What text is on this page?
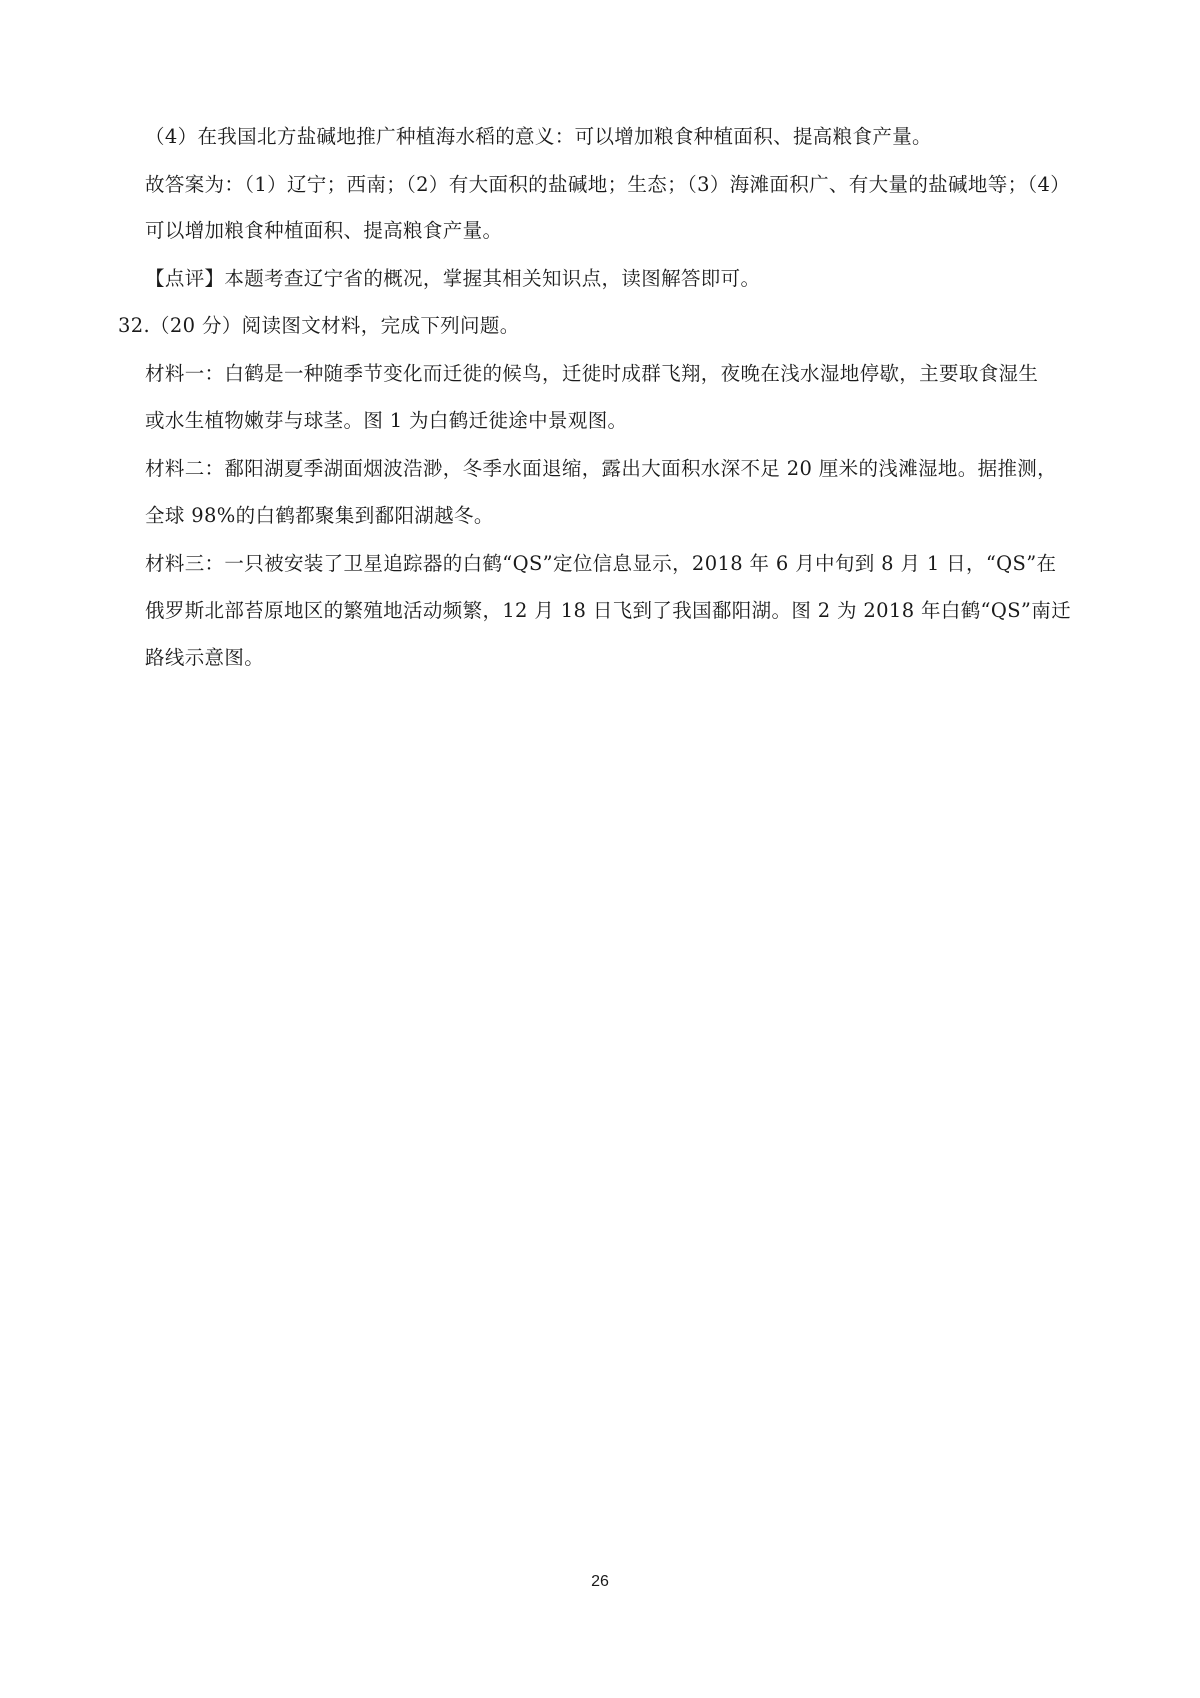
（4）在我国北方盐碱地推广种植海水稻的意义：可以增加粮食种植面积、提高粮食产量。
故答案为：（1）辽宁；西南；（2）有大面积的盐碱地；生态；（3）海滩面积广、有大量的盐碱地等；（4）
可以增加粮食种植面积、提高粮食产量。
【点评】本题考查辽宁省的概况，掌握其相关知识点，读图解答即可。
32.（20 分）阅读图文材料，完成下列问题。
材料一：白鹤是一种随季节变化而迁徙的候鸟，迁徙时成群飞翔，夜晚在浅水湿地停歇，主要取食湿生
或水生植物嫩芽与球茎。图 1 为白鹤迁徙途中景观图。
材料二：鄱阳湖夏季湖面烟波浩渺，冬季水面退缩，露出大面积水深不足 20 厘米的浅滩湿地。据推测，
全球 98%的白鹤都聚集到鄱阳湖越冬。
材料三：一只被安装了卫星追踪器的白鹤“QS”定位信息显示，2018 年 6 月中旬到 8 月 1 日，“QS”在
俄罗斯北部苔原地区的繁殖地活动频繁，12 月 18 日飞到了我国鄱阳湖。图 2 为 2018 年白鹤“QS”南迁
路线示意图。
26
